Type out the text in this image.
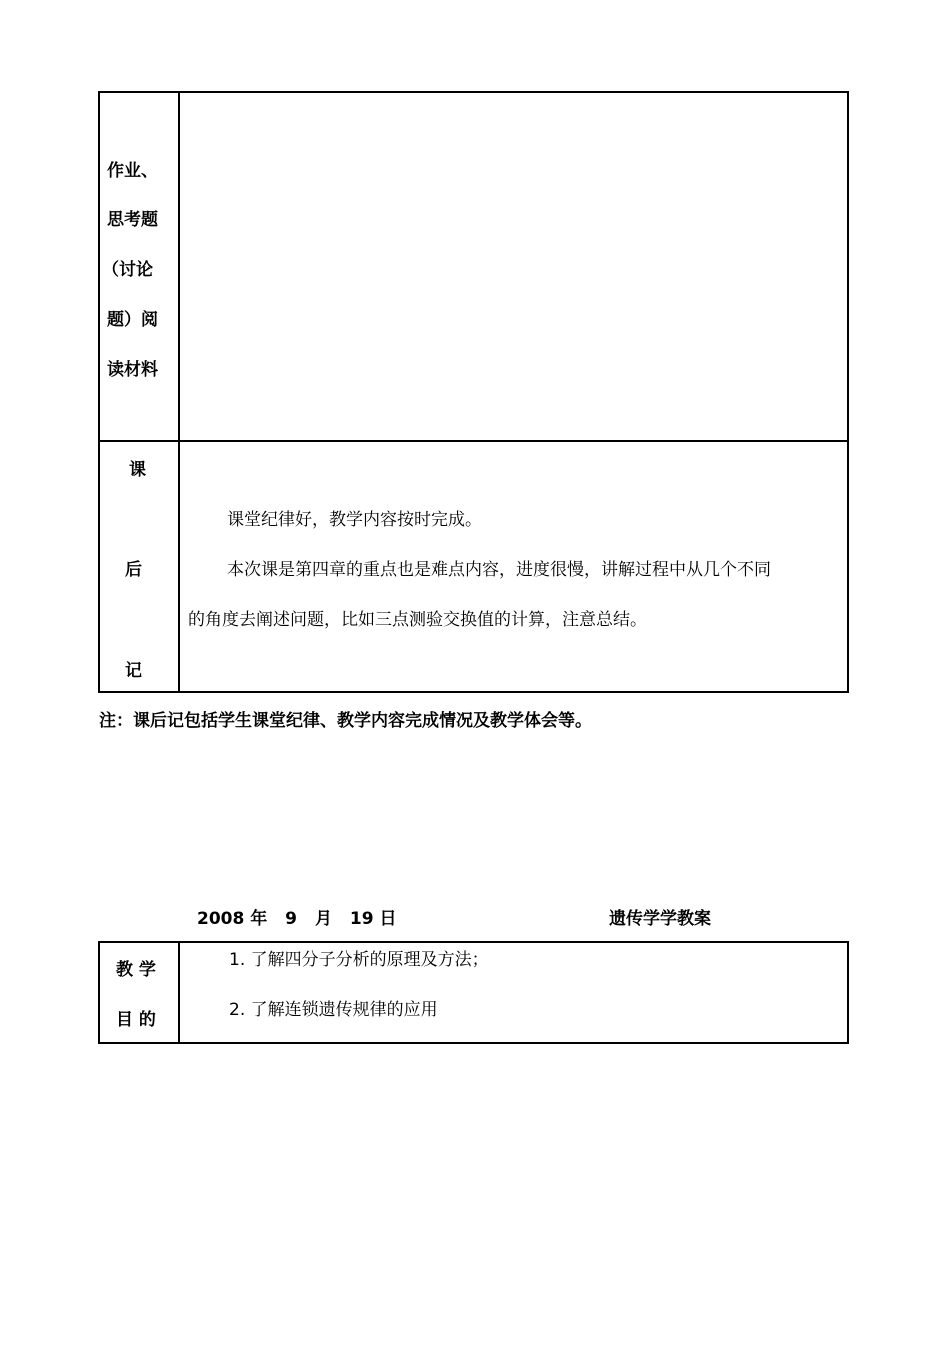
作业、
思考题
（讨论
题）阅
读材料
课
后
记
课堂纪律好，教学内容按时完成。
本次课是第四章的重点也是难点内容，进度很慢，讲解过程中从几个不同
的角度去阐述问题，比如三点测验交换值的计算，注意总结。
注：课后记包括学生课堂纪律、教学内容完成情况及教学体会等。
2008 年 9 月 19 日	遗传学学教案
教 学
目 的
1. 了解四分子分析的原理及方法；
2. 了解连锁遗传规律的应用
